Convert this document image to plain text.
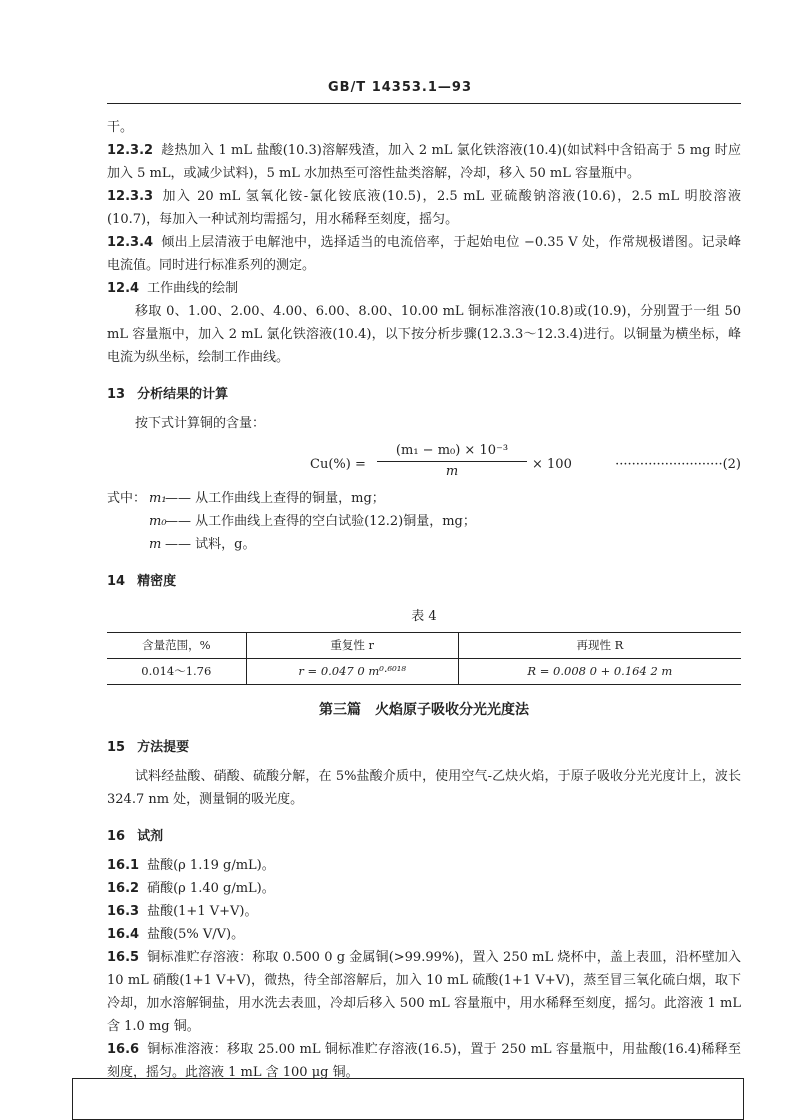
GB/T 14353.1—93

干。

12.3.2 趁热加入 1 mL 盐酸(10.3)溶解残渣，加入 2 mL 氯化铁溶液(10.4)(如试料中含铅高于 5 mg 时应加入 5 mL，或减少试料)，5 mL 水加热至可溶性盐类溶解，冷却，移入 50 mL 容量瓶中。

12.3.3 加入 20 mL 氢氧化铵-氯化铵底液(10.5)，2.5 mL 亚硫酸钠溶液(10.6)，2.5 mL 明胶溶液(10.7)，每加入一种试剂均需摇匀，用水稀释至刻度，摇匀。

12.3.4 倾出上层清液于电解池中，选择适当的电流倍率，于起始电位 −0.35 V 处，作常规极谱图。记录峰电流值。同时进行标准系列的测定。

12.4 工作曲线的绘制

移取 0、1.00、2.00、4.00、6.00、8.00、10.00 mL 铜标准溶液(10.8)或(10.9)，分别置于一组 50 mL 容量瓶中，加入 2 mL 氯化铁溶液(10.4)，以下按分析步骤(12.3.3～12.3.4)进行。以铜量为横坐标，峰电流为纵坐标，绘制工作曲线。

13 分析结果的计算

按下式计算铜的含量：

$Cu(\%) = \frac{\text{(m₁ − m₀) × 10⁻³}}{m} \times 100$	··························(2)
式中： m₁
—— 从工作曲线上查得的铜量，mg；
m₀
—— 从工作曲线上查得的空白试验(12.2)铜量，mg；
m —— 试料，g。
14 精密度
表 4
含量范围，%	重复性 r	再现性 R
0.014～1.76	r = 0.047 0 m⁰·⁶⁰¹⁸	R = 0.008 0 + 0.164 2 m
第三篇　火焰原子吸收分光光度法
15 方法提要

试料经盐酸、硝酸、硫酸分解，在 5%盐酸介质中，使用空气-乙炔火焰，于原子吸收分光光度计上，波长 324.7 nm 处，测量铜的吸光度。

16 试剂

16.1 盐酸(ρ 1.19 g/mL)。

16.2 硝酸(ρ 1.40 g/mL)。

16.3 盐酸(1+1 V+V)。

16.4 盐酸(5% V/V)。

16.5 铜标准贮存溶液：称取 0.500 0 g 金属铜(>99.99%)，置入 250 mL 烧杯中，盖上表皿，沿杯壁加入 10 mL 硝酸(1+1 V+V)，微热，待全部溶解后，加入 10 mL 硫酸(1+1 V+V)，蒸至冒三氧化硫白烟，取下冷却，加水溶解铜盐，用水洗去表皿，冷却后移入 500 mL 容量瓶中，用水稀释至刻度，摇匀。此溶液 1 mL 含 1.0 mg 铜。

16.6 铜标准溶液：移取 25.00 mL 铜标准贮存溶液(16.5)，置于 250 mL 容量瓶中，用盐酸(16.4)稀释至刻度，摇匀。此溶液 1 mL 含 100 μg 铜。
